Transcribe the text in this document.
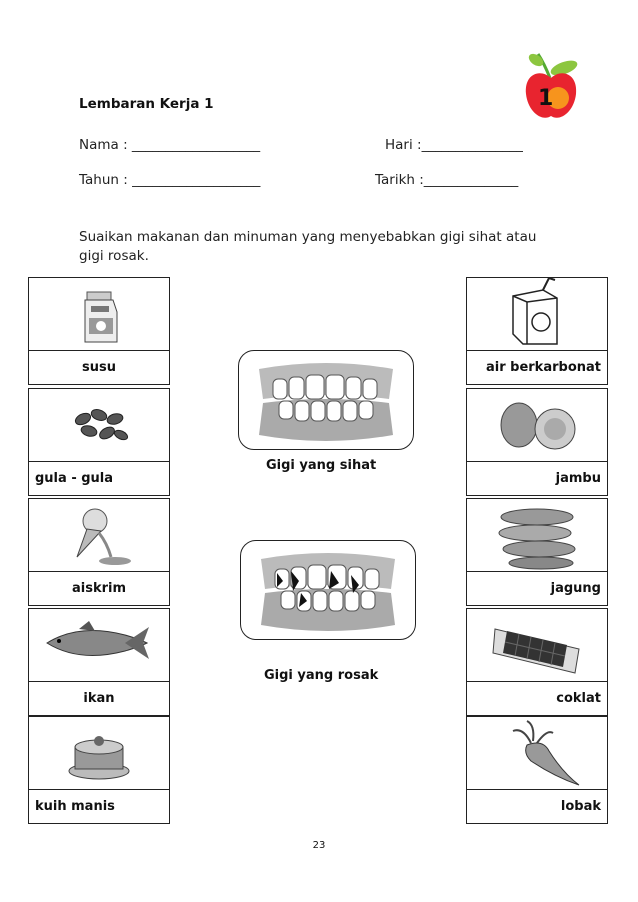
Lembaran Kerja 1	1
Nama : ___________________	Hari :_______________
Tahun : ___________________	Tarikh :______________
Suaikan makanan dan minuman yang menyebabkan gigi sihat atau gigi rosak.
susu
gula - gula
aiskrim
ikan
kuih manis
air berkarbonat
jambu
jagung
coklat
lobak
Gigi yang sihat
Gigi yang rosak
23
